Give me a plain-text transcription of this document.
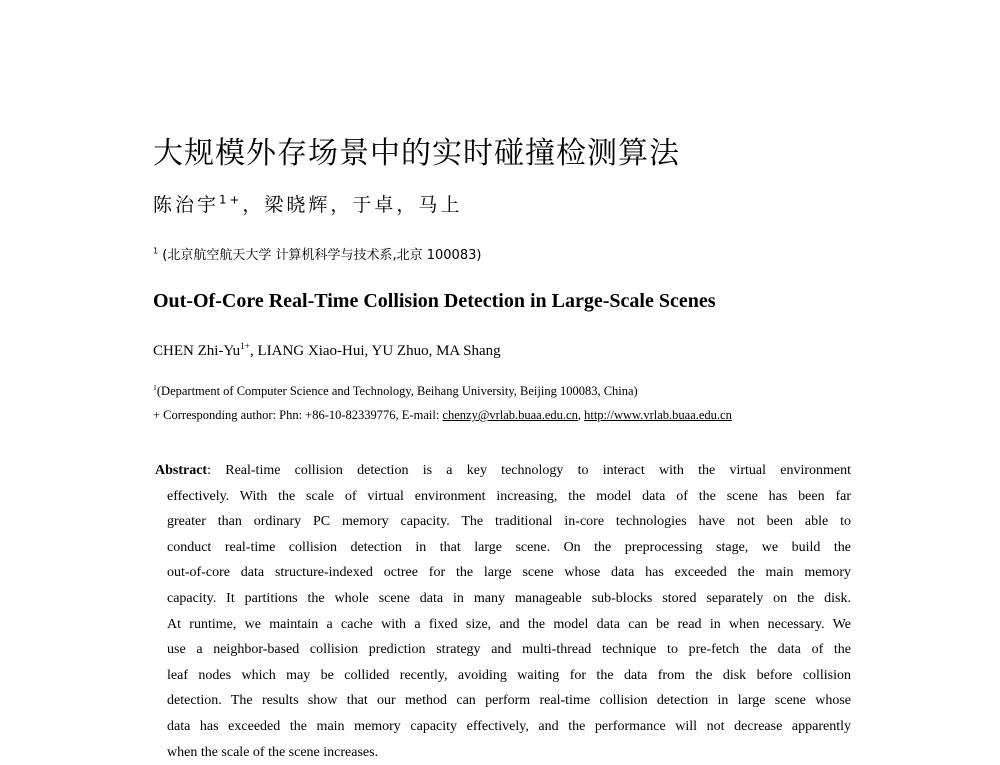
大规模外存场景中的实时碰撞检测算法
陈治宇$^{1+}$，梁晓辉，于卓，马上
$^1$ (北京航空航天大学 计算机科学与技术系,北京 100083)
Out-Of-Core Real-Time Collision Detection in Large-Scale Scenes
CHEN Zhi-$Yu^{1+}$, LIANG Xiao-Hui, YU Zhuo, MA Shang
$^1$(Department of Computer Science and Technology, Beihang University, Beijing 100083, China)
+ Corresponding author: Phn: +86-10-82339776, E-mail: chenzy@vrlab.buaa.edu.cn, http://www.vrlab.buaa.edu.cn
Abstract: Real-time collision detection is a key technology to interact with the virtual environment
effectively. With the scale of virtual environment increasing, the model data of the scene has been far
greater than ordinary PC memory capacity. The traditional in-core technologies have not been able to
conduct real-time collision detection in that large scene. On the preprocessing stage, we build the
out-of-core data structure-indexed octree for the large scene whose data has exceeded the main memory
capacity. It partitions the whole scene data in many manageable sub-blocks stored separately on the disk.
At runtime, we maintain a cache with a fixed size, and the model data can be read in when necessary. We
use a neighbor-based collision prediction strategy and multi-thread technique to pre-fetch the data of the
leaf nodes which may be collided recently, avoiding waiting for the data from the disk before collision
detection. The results show that our method can perform real-time collision detection in large scene whose
data has exceeded the main memory capacity effectively, and the performance will not decrease apparently
when the scale of the scene increases.
